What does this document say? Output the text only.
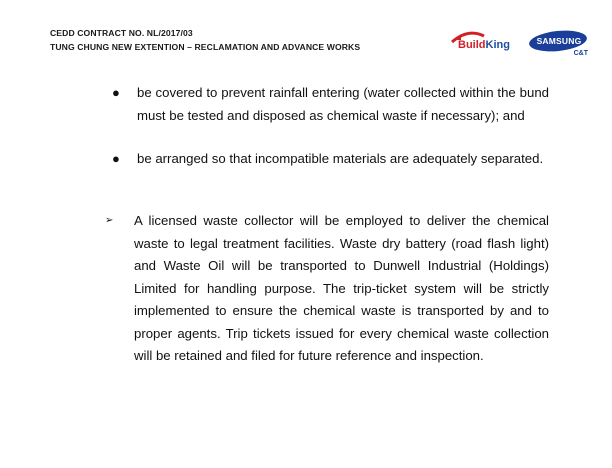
CEDD CONTRACT NO. NL/2017/03
TUNG CHUNG NEW EXTENTION – RECLAMATION AND ADVANCE WORKS	BuildKing	SAMSUNG
C&T
● be covered to prevent rainfall entering (water collected within the bund must be tested and disposed as chemical waste if necessary); and
● be arranged so that incompatible materials are adequately separated.
➢ A licensed waste collector will be employed to deliver the chemical waste to legal treatment facilities. Waste dry battery (road flash light) and Waste Oil will be transported to Dunwell Industrial (Holdings) Limited for handling purpose. The trip-ticket system will be strictly implemented to ensure the chemical waste is transported by and to proper agents. Trip tickets issued for every chemical waste collection will be retained and filed for future reference and inspection.
